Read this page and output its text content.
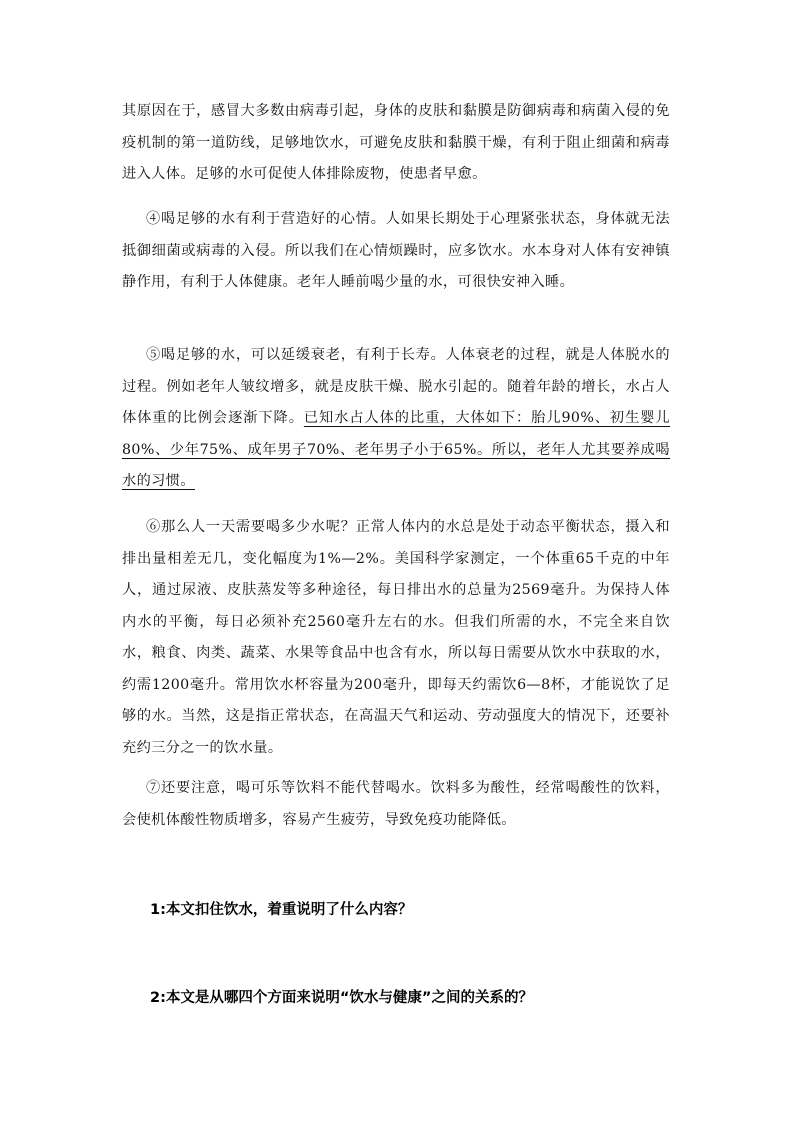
其原因在于，感冒大多数由病毒引起，身体的皮肤和黏膜是防御病毒和病菌入侵的免疫机制的第一道防线，足够地饮水，可避免皮肤和黏膜干燥，有利于阻止细菌和病毒进入人体。足够的水可促使人体排除废物，使患者早愈。

④喝足够的水有利于营造好的心情。人如果长期处于心理紧张状态，身体就无法抵御细菌或病毒的入侵。所以我们在心情烦躁时，应多饮水。水本身对人体有安神镇静作用，有利于人体健康。老年人睡前喝少量的水，可很快安神入睡。

⑤喝足够的水，可以延缓衰老，有利于长寿。人体衰老的过程，就是人体脱水的过程。例如老年人皱纹增多，就是皮肤干燥、脱水引起的。随着年龄的增长，水占人体体重的比例会逐渐下降。已知水占人体的比重，大体如下：胎儿90%、初生婴儿80%、少年75%、成年男子70%、老年男子小于65%。所以，老年人尤其要养成喝水的习惯。

⑥那么人一天需要喝多少水呢？正常人体内的水总是处于动态平衡状态，摄入和排出量相差无几，变化幅度为1%—2%。美国科学家测定，一个体重65千克的中年人，通过尿液、皮肤蒸发等多种途径，每日排出水的总量为2569毫升。为保持人体内水的平衡，每日必须补充2560毫升左右的水。但我们所需的水，不完全来自饮水，粮食、肉类、蔬菜、水果等食品中也含有水，所以每日需要从饮水中获取的水，约需1200毫升。常用饮水杯容量为200毫升，即每天约需饮6—8杯，才能说饮了足够的水。当然，这是指正常状态，在高温天气和运动、劳动强度大的情况下，还要补充约三分之一的饮水量。

⑦还要注意，喝可乐等饮料不能代替喝水。饮料多为酸性，经常喝酸性的饮料，会使机体酸性物质增多，容易产生疲劳，导致免疫功能降低。

1:本文扣住饮水，着重说明了什么内容？

2:本文是从哪四个方面来说明“饮水与健康”之间的关系的？
